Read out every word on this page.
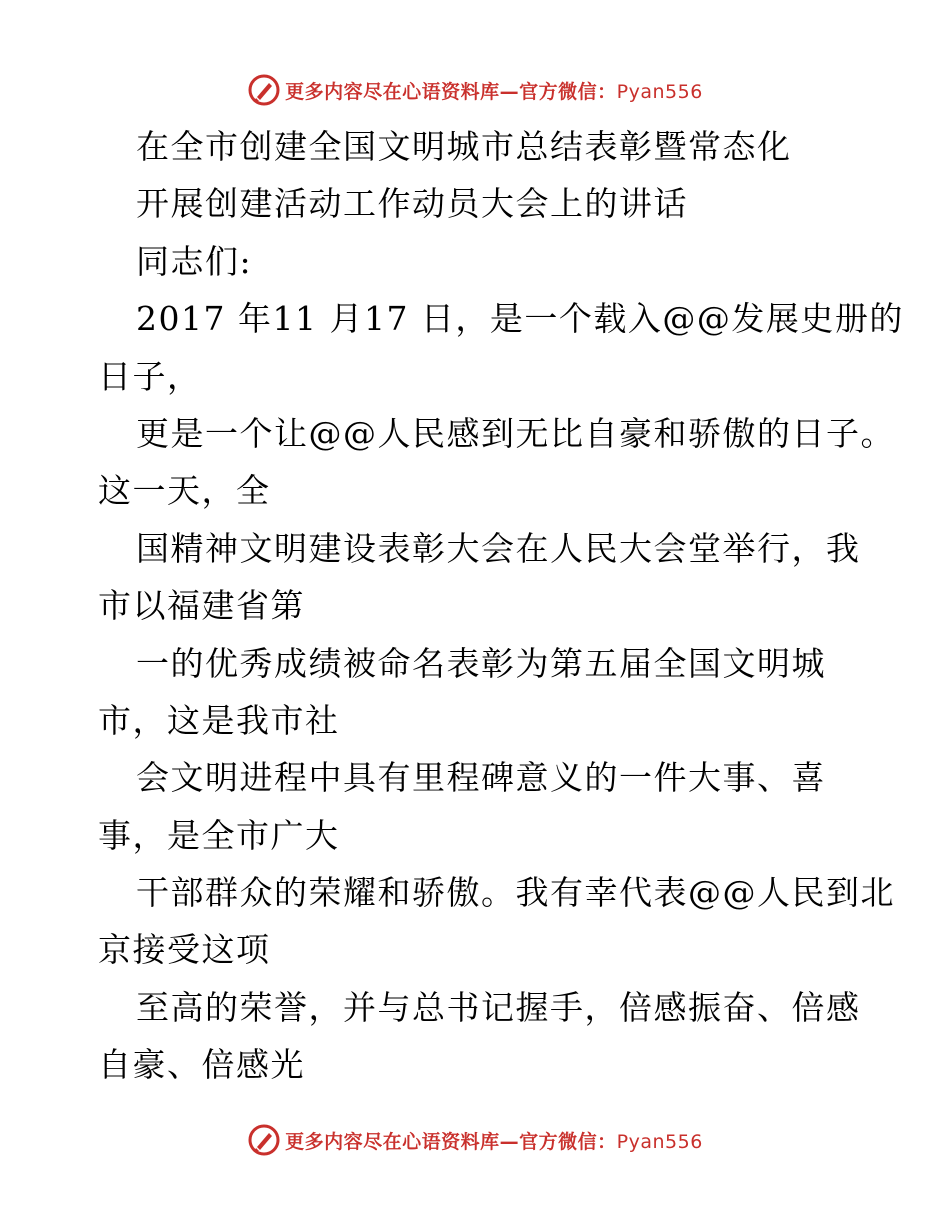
更多内容尽在心语资料库—官方微信：Pyan556
在全市创建全国文明城市总结表彰暨常态化
开展创建活动工作动员大会上的讲话
同志们:
2017 年11 月17 日，是一个载入@@发展史册的
日子，
更是一个让@@人民感到无比自豪和骄傲的日子。
这一天，全
国精神文明建设表彰大会在人民大会堂举行，我
市以福建省第
一的优秀成绩被命名表彰为第五届全国文明城
市，这是我市社
会文明进程中具有里程碑意义的一件大事、喜
事，是全市广大
干部群众的荣耀和骄傲。我有幸代表@@人民到北
京接受这项
至高的荣誉，并与总书记握手，倍感振奋、倍感
自豪、倍感光
更多内容尽在心语资料库—官方微信：Pyan556
